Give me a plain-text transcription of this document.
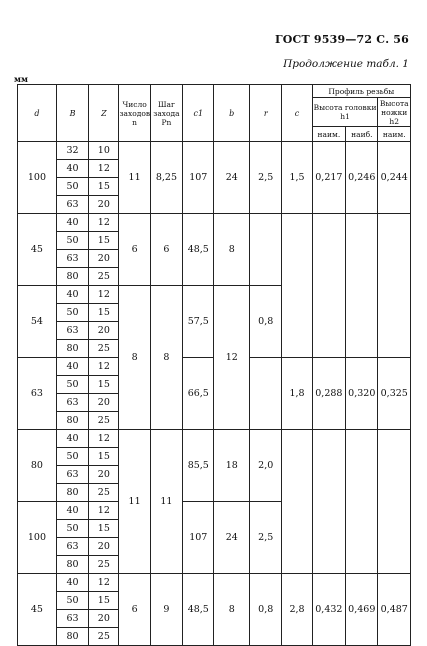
ГОСТ 9539—72 С. 56
Продолжение табл. 1
мм
d	B	Z	Число заходов n	Шаг захода Pn	c1	b	r	c	Профиль резьбы		
									Высота головки h1		Высота ножки h2
									наим.	наиб.	наим.
100	32	10	11	8,25	107	24	2,5	1,5	0,217	0,246	0,244
	40	12									
	50	15									
	63	20									
45	40	12	6	6	48,5	8					
	50	15									
	63	20									
	80	25									
54	40	12	8	8	57,5	12	0,8				
	50	15									
	63	20									
	80	25									
63	40	12			66,5			1,8	0,288	0,320	0,325
	50	15									
	63	20									
	80	25									
80	40	12	11	11	85,5	18	2,0				
	50	15									
	63	20									
	80	25									
100	40	12			107	24	2,5				
	50	15									
	63	20									
	80	25									
45	40	12	6	9	48,5	8	0,8	2,8	0,432	0,469	0,487
	50	15									
	63	20									
	80	25									
